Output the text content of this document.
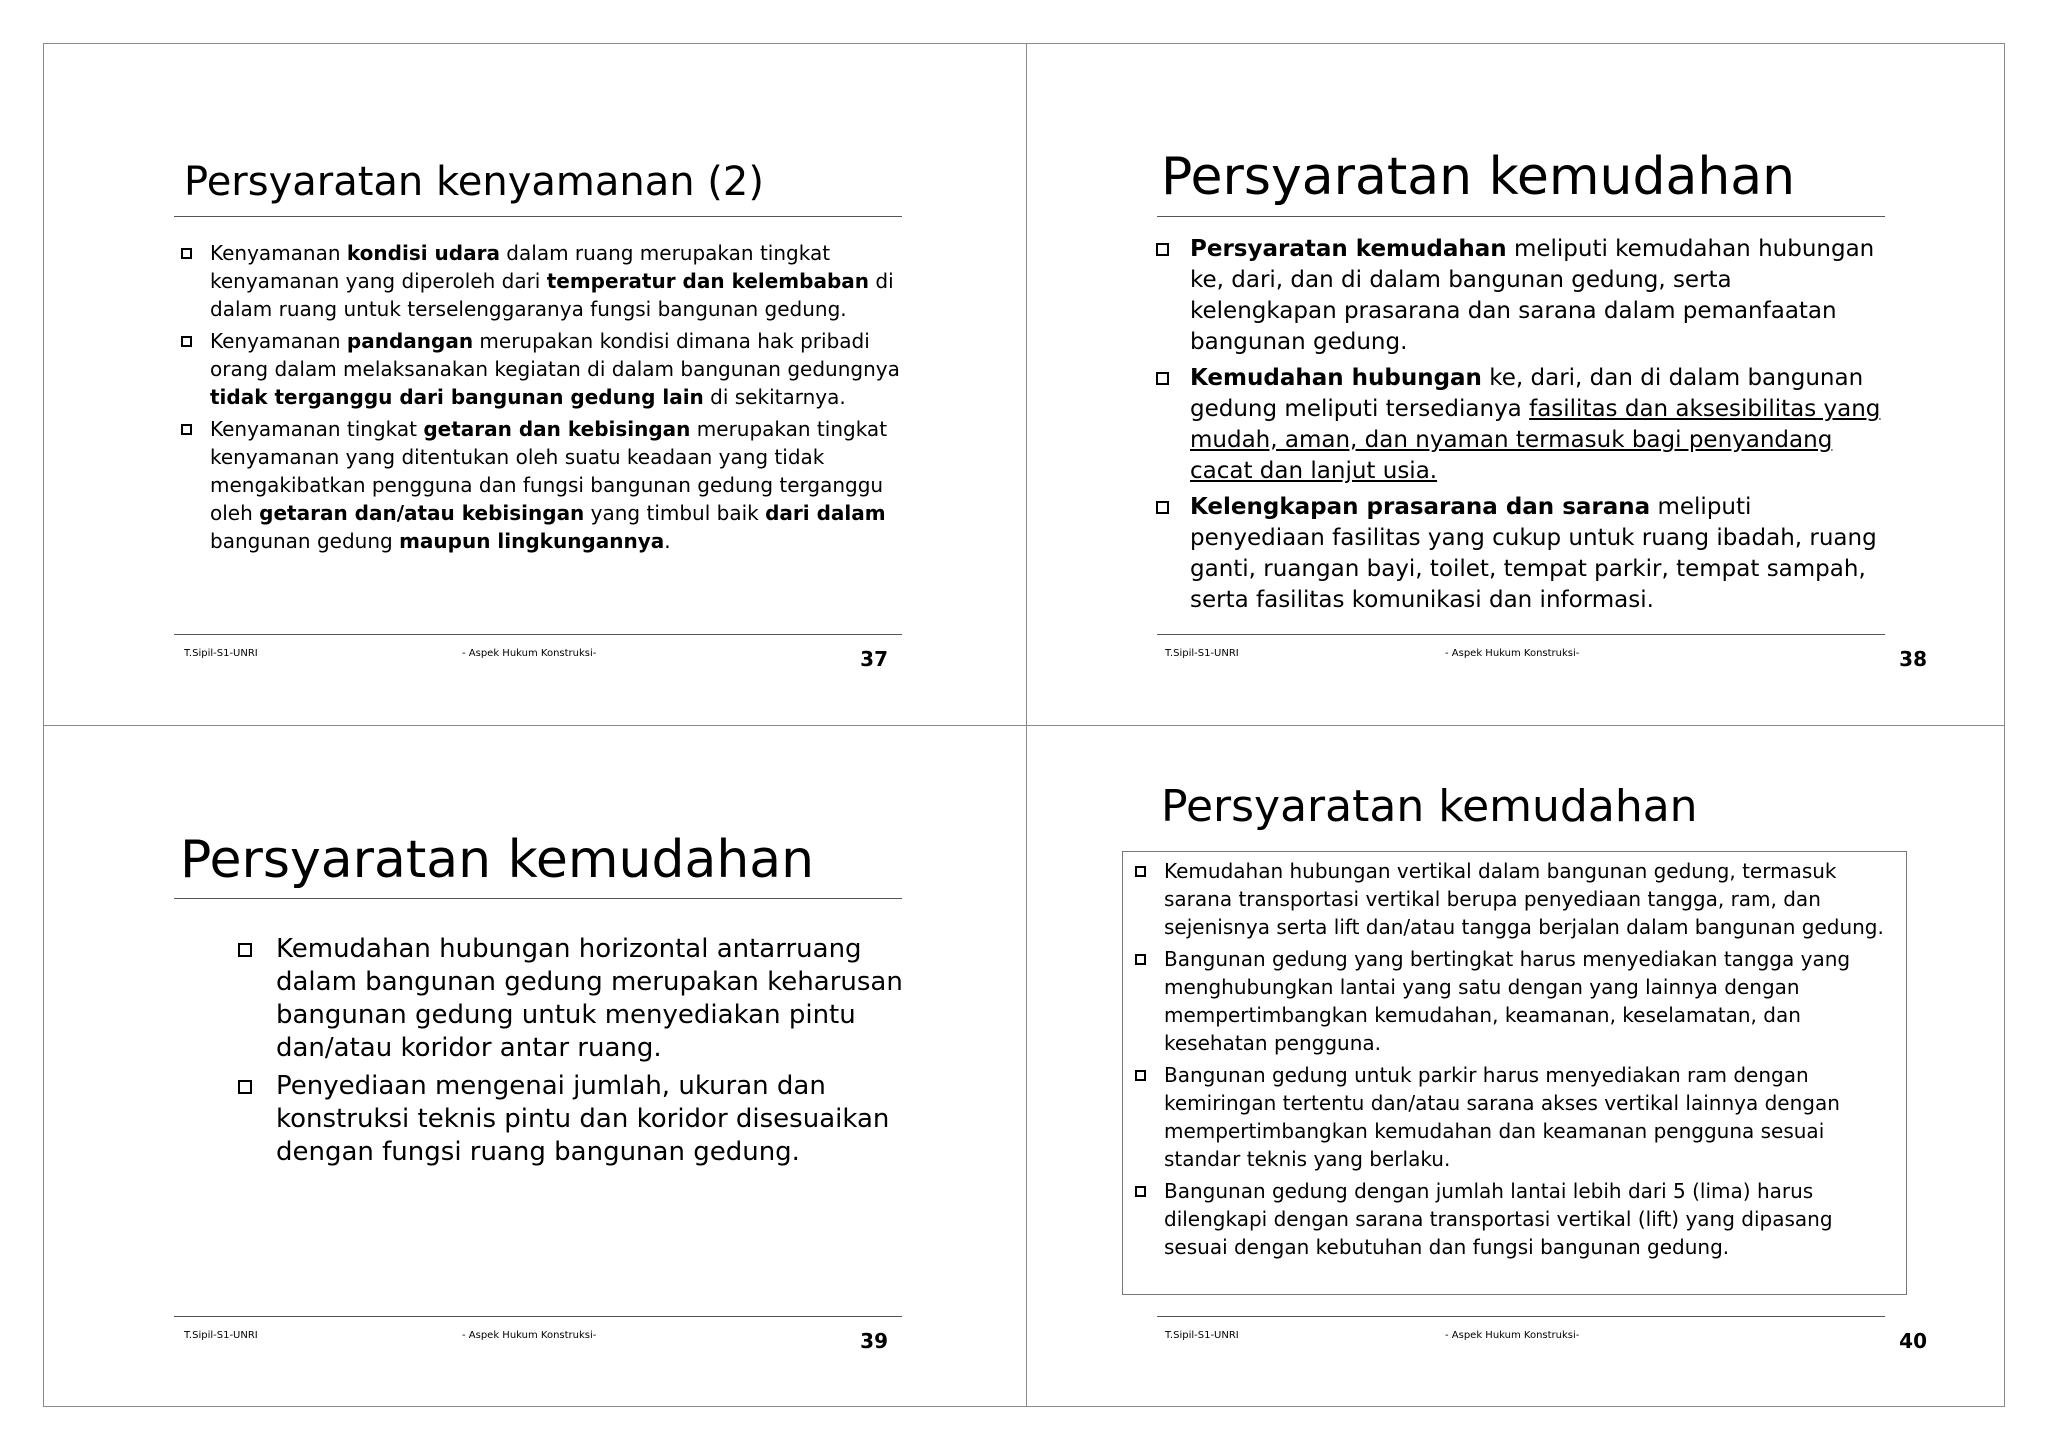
Persyaratan kenyamanan (2)
Kenyamanan kondisi udara dalam ruang merupakan tingkat kenyamanan yang diperoleh dari temperatur dan kelembaban di dalam ruang untuk terselenggaranya fungsi bangunan gedung.
Kenyamanan pandangan merupakan kondisi dimana hak pribadi orang dalam melaksanakan kegiatan di dalam bangunan gedungnya tidak terganggu dari bangunan gedung lain di sekitarnya.
Kenyamanan tingkat getaran dan kebisingan merupakan tingkat kenyamanan yang ditentukan oleh suatu keadaan yang tidak mengakibatkan pengguna dan fungsi bangunan gedung terganggu oleh getaran dan/atau kebisingan yang timbul baik dari dalam bangunan gedung maupun lingkungannya.
T.Sipil-S1-UNRI	- Aspek Hukum Konstruksi-	37
Persyaratan kemudahan
Persyaratan kemudahan meliputi kemudahan hubungan ke, dari, dan di dalam bangunan gedung, serta kelengkapan prasarana dan sarana dalam pemanfaatan bangunan gedung.
Kemudahan hubungan ke, dari, dan di dalam bangunan gedung meliputi tersedianya fasilitas dan aksesibilitas yang mudah, aman, dan nyaman termasuk bagi penyandang cacat dan lanjut usia.
Kelengkapan prasarana dan sarana meliputi penyediaan fasilitas yang cukup untuk ruang ibadah, ruang ganti, ruangan bayi, toilet, tempat parkir, tempat sampah, serta fasilitas komunikasi dan informasi.
T.Sipil-S1-UNRI	- Aspek Hukum Konstruksi-	38
Persyaratan kemudahan
Kemudahan hubungan horizontal antarruang dalam bangunan gedung merupakan keharusan bangunan gedung untuk menyediakan pintu dan/atau koridor antar ruang.
Penyediaan mengenai jumlah, ukuran dan konstruksi teknis pintu dan koridor disesuaikan dengan fungsi ruang bangunan gedung.
T.Sipil-S1-UNRI	- Aspek Hukum Konstruksi-	39
Persyaratan kemudahan
Kemudahan hubungan vertikal dalam bangunan gedung, termasuk sarana transportasi vertikal berupa penyediaan tangga, ram, dan sejenisnya serta lift dan/atau tangga berjalan dalam bangunan gedung.
Bangunan gedung yang bertingkat harus menyediakan tangga yang menghubungkan lantai yang satu dengan yang lainnya dengan mempertimbangkan kemudahan, keamanan, keselamatan, dan kesehatan pengguna.
Bangunan gedung untuk parkir harus menyediakan ram dengan kemiringan tertentu dan/atau sarana akses vertikal lainnya dengan mempertimbangkan kemudahan dan keamanan pengguna sesuai standar teknis yang berlaku.
Bangunan gedung dengan jumlah lantai lebih dari 5 (lima) harus dilengkapi dengan sarana transportasi vertikal (lift) yang dipasang sesuai dengan kebutuhan dan fungsi bangunan gedung.
T.Sipil-S1-UNRI	- Aspek Hukum Konstruksi-	40
